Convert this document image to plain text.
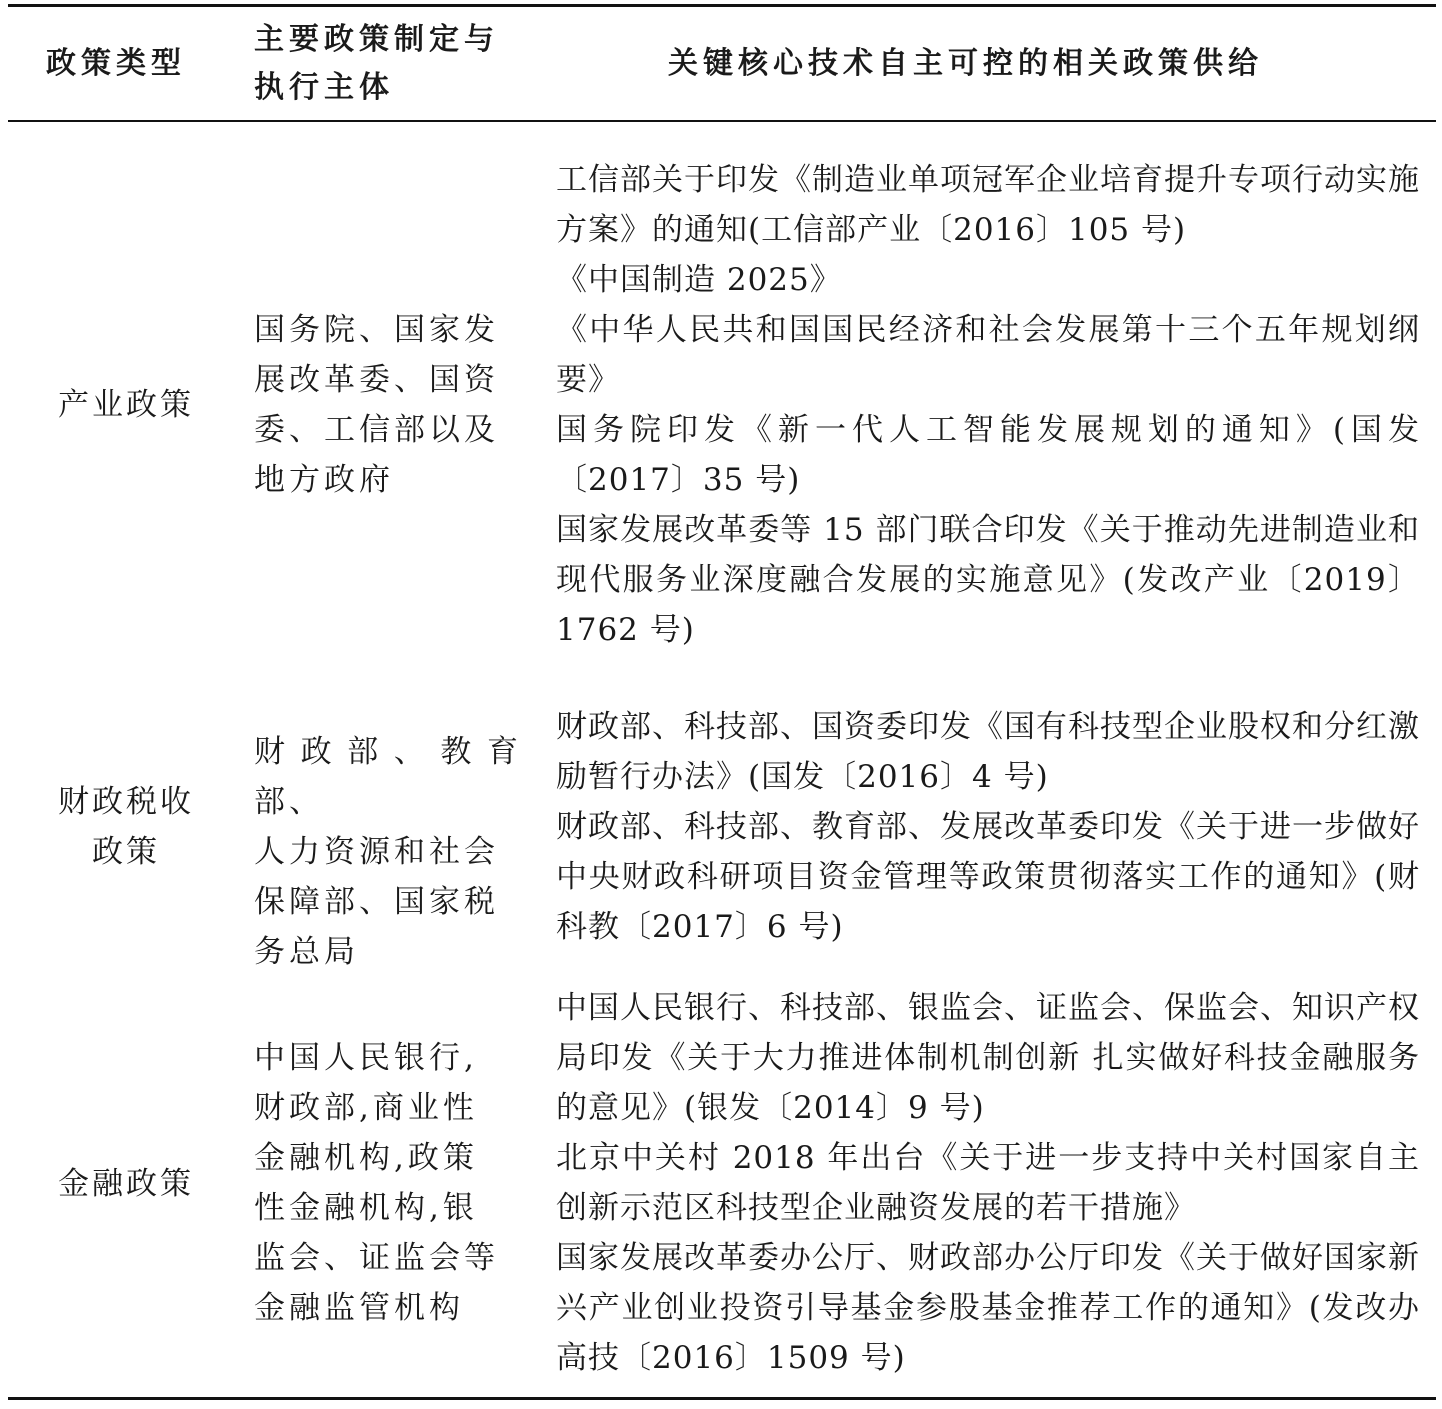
政策类型
主要政策制定与
执行主体
关键核心技术自主可控的相关政策供给
产业政策
国务院、国家发
展改革委、国资
委、工信部以及
地方政府
工信部关于印发《制造业单项冠军企业培育提升专项行动实施方案》的通知(工信部产业〔2016〕105 号)
《中国制造 2025》
《中华人民共和国国民经济和社会发展第十三个五年规划纲要》
国务院印发《新一代人工智能发展规划的通知》(国发〔2017〕35 号)
国家发展改革委等 15 部门联合印发《关于推动先进制造业和现代服务业深度融合发展的实施意见》(发改产业〔2019〕1762 号)
财政税收
政策
财政部、教育部、
人力资源和社会
保障部、国家税
务总局
财政部、科技部、国资委印发《国有科技型企业股权和分红激励暂行办法》(国发〔2016〕4 号)
财政部、科技部、教育部、发展改革委印发《关于进一步做好中央财政科研项目资金管理等政策贯彻落实工作的通知》(财科教〔2017〕6 号)
金融政策
中国人民银行,
财政部,商业性
金融机构,政策
性金融机构,银
监会、证监会等
金融监管机构
中国人民银行、科技部、银监会、证监会、保监会、知识产权局印发《关于大力推进体制机制创新 扎实做好科技金融服务的意见》(银发〔2014〕9 号)
北京中关村 2018 年出台《关于进一步支持中关村国家自主创新示范区科技型企业融资发展的若干措施》
国家发展改革委办公厅、财政部办公厅印发《关于做好国家新兴产业创业投资引导基金参股基金推荐工作的通知》(发改办高技〔2016〕1509 号)
